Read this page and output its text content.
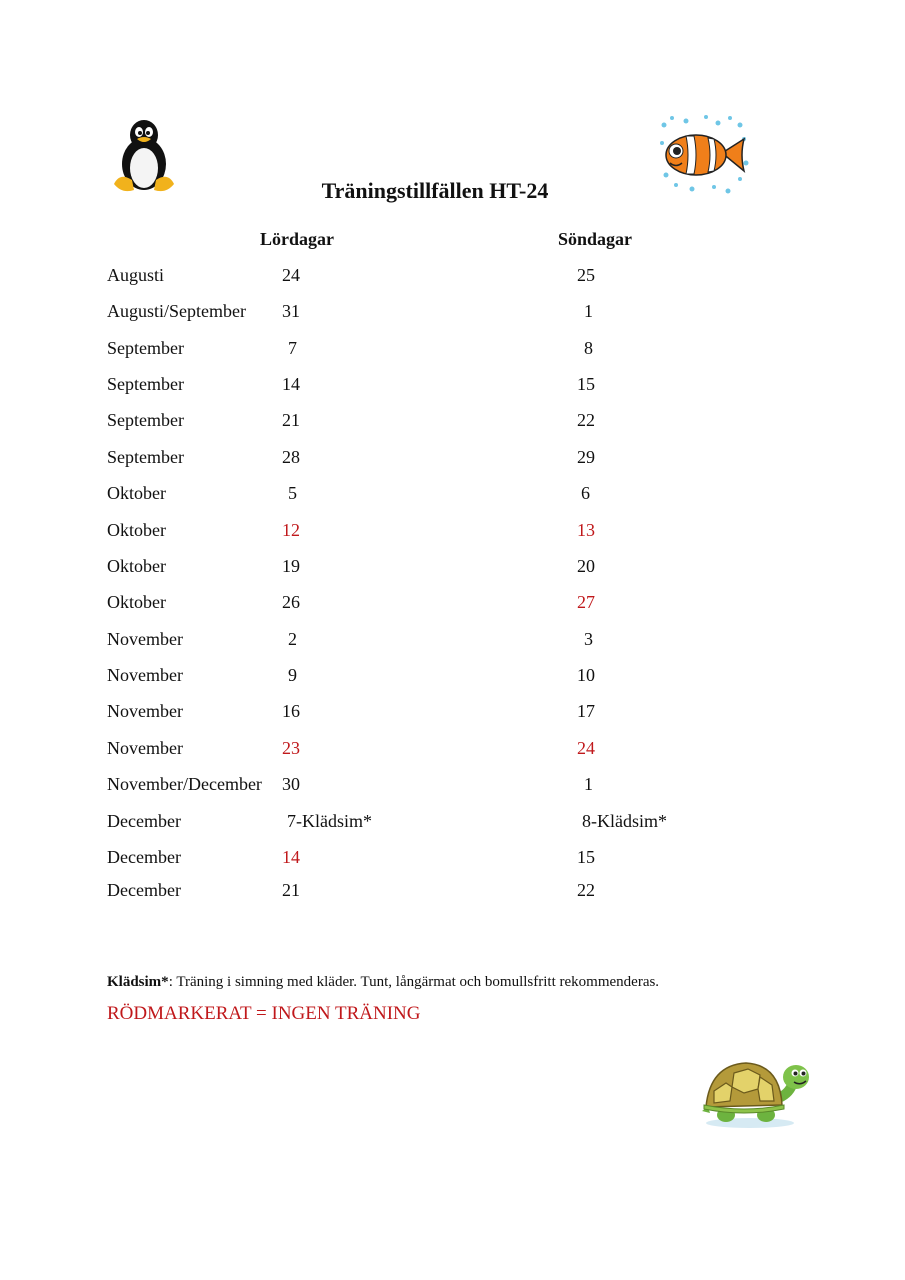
Träningstillfällen HT-24
Lördagar	Söndagar
Augusti	24	25
Augusti/September 31	1
September	7	8
September	14	15
September	21	22
September	28	29
Oktober	5	6
Oktober	12	13
Oktober	19	20
Oktober	26	27
November	2	3
November	9	10
November	16	17
November	23	24
November/December 30	1
December	7-Klädsim*	8-Klädsim*
December	14	15
December	21	22
Klädsim*: Träning i simning med kläder. Tunt, långärmat och bomullsfritt rekommenderas.
RÖDMARKERAT = INGEN TRÄNING
